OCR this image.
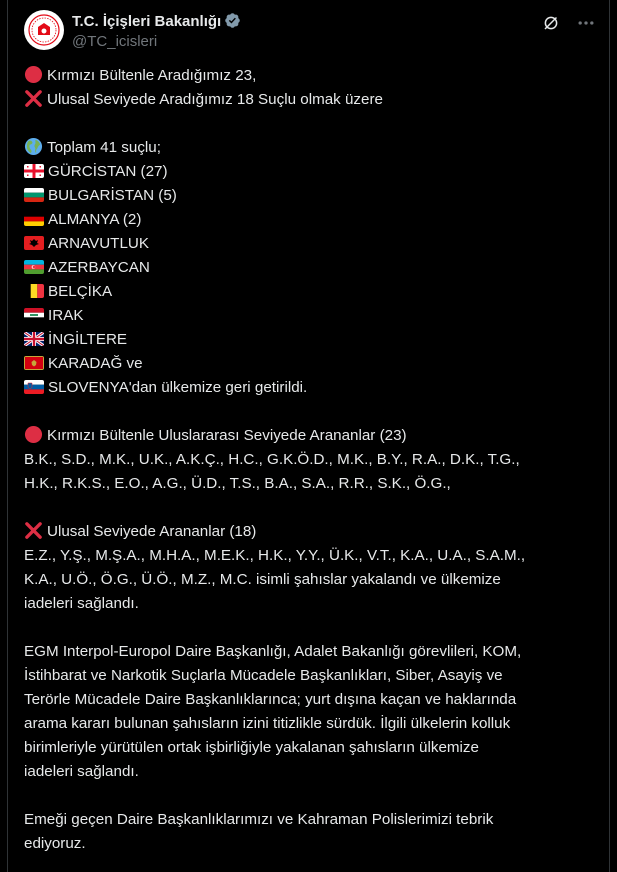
T.C. İçişleri Bakanlığı
@TC_icisleri
Kırmızı Bültenle Aradığımız 23,
Ulusal Seviyede Aradığımız 18 Suçlu olmak üzere
Toplam 41 suçlu;
GÜRCİSTAN (27)
BULGARİSTAN (5)
ALMANYA (2)
ARNAVUTLUK
AZERBAYCAN
BELÇİKA
IRAK
İNGİLTERE
KARADAĞ ve
SLOVENYA'dan ülkemize geri getirildi.
Kırmızı Bültenle Uluslararası Seviyede Arananlar (23)
B.K., S.D., M.K., U.K., A.K.Ç., H.C., G.K.Ö.D., M.K., B.Y., R.A., D.K., T.G.,
H.K., R.K.S., E.O., A.G., Ü.D., T.S., B.A., S.A., R.R., S.K., Ö.G.,
Ulusal Seviyede Arananlar (18)
E.Z., Y.Ş., M.Ş.A., M.H.A., M.E.K., H.K., Y.Y., Ü.K., V.T., K.A., U.A., S.A.M.,
K.A., U.Ö., Ö.G., Ü.Ö., M.Z., M.C. isimli şahıslar yakalandı ve ülkemize
iadeleri sağlandı.
EGM Interpol-Europol Daire Başkanlığı, Adalet Bakanlığı görevlileri, KOM,
İstihbarat ve Narkotik Suçlarla Mücadele Başkanlıkları, Siber, Asayiş ve
Terörle Mücadele Daire Başkanlıklarınca; yurt dışına kaçan ve haklarında
arama kararı bulunan şahısların izini titizlikle sürdük. İlgili ülkelerin kolluk
birimleriyle yürütülen ortak işbirliğiyle yakalanan şahısların ülkemize
iadeleri sağlandı.
Emeği geçen Daire Başkanlıklarımızı ve Kahraman Polislerimizi tebrik
ediyoruz.
